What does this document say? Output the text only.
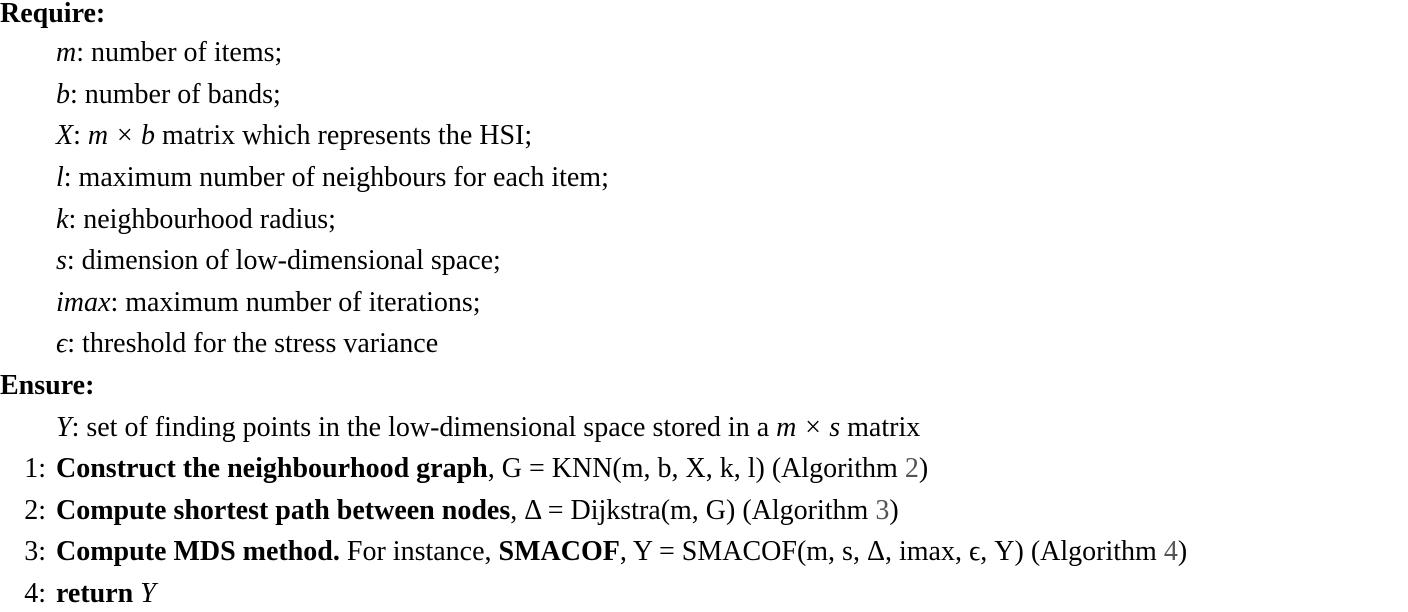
Require:
m: number of items;
b: number of bands;
X: m × b matrix which represents the HSI;
l: maximum number of neighbours for each item;
k: neighbourhood radius;
s: dimension of low-dimensional space;
imax: maximum number of iterations;
ϵ: threshold for the stress variance
Ensure:
Y: set of finding points in the low-dimensional space stored in a m × s matrix
1: Construct the neighbourhood graph, G = KNN(m, b, X, k, l) (Algorithm 2)
2: Compute shortest path between nodes, Δ = Dijkstra(m, G) (Algorithm 3)
3: Compute MDS method. For instance, SMACOF, Y = SMACOF(m, s, Δ, imax, ϵ, Y) (Algorithm 4)
4: return Y
